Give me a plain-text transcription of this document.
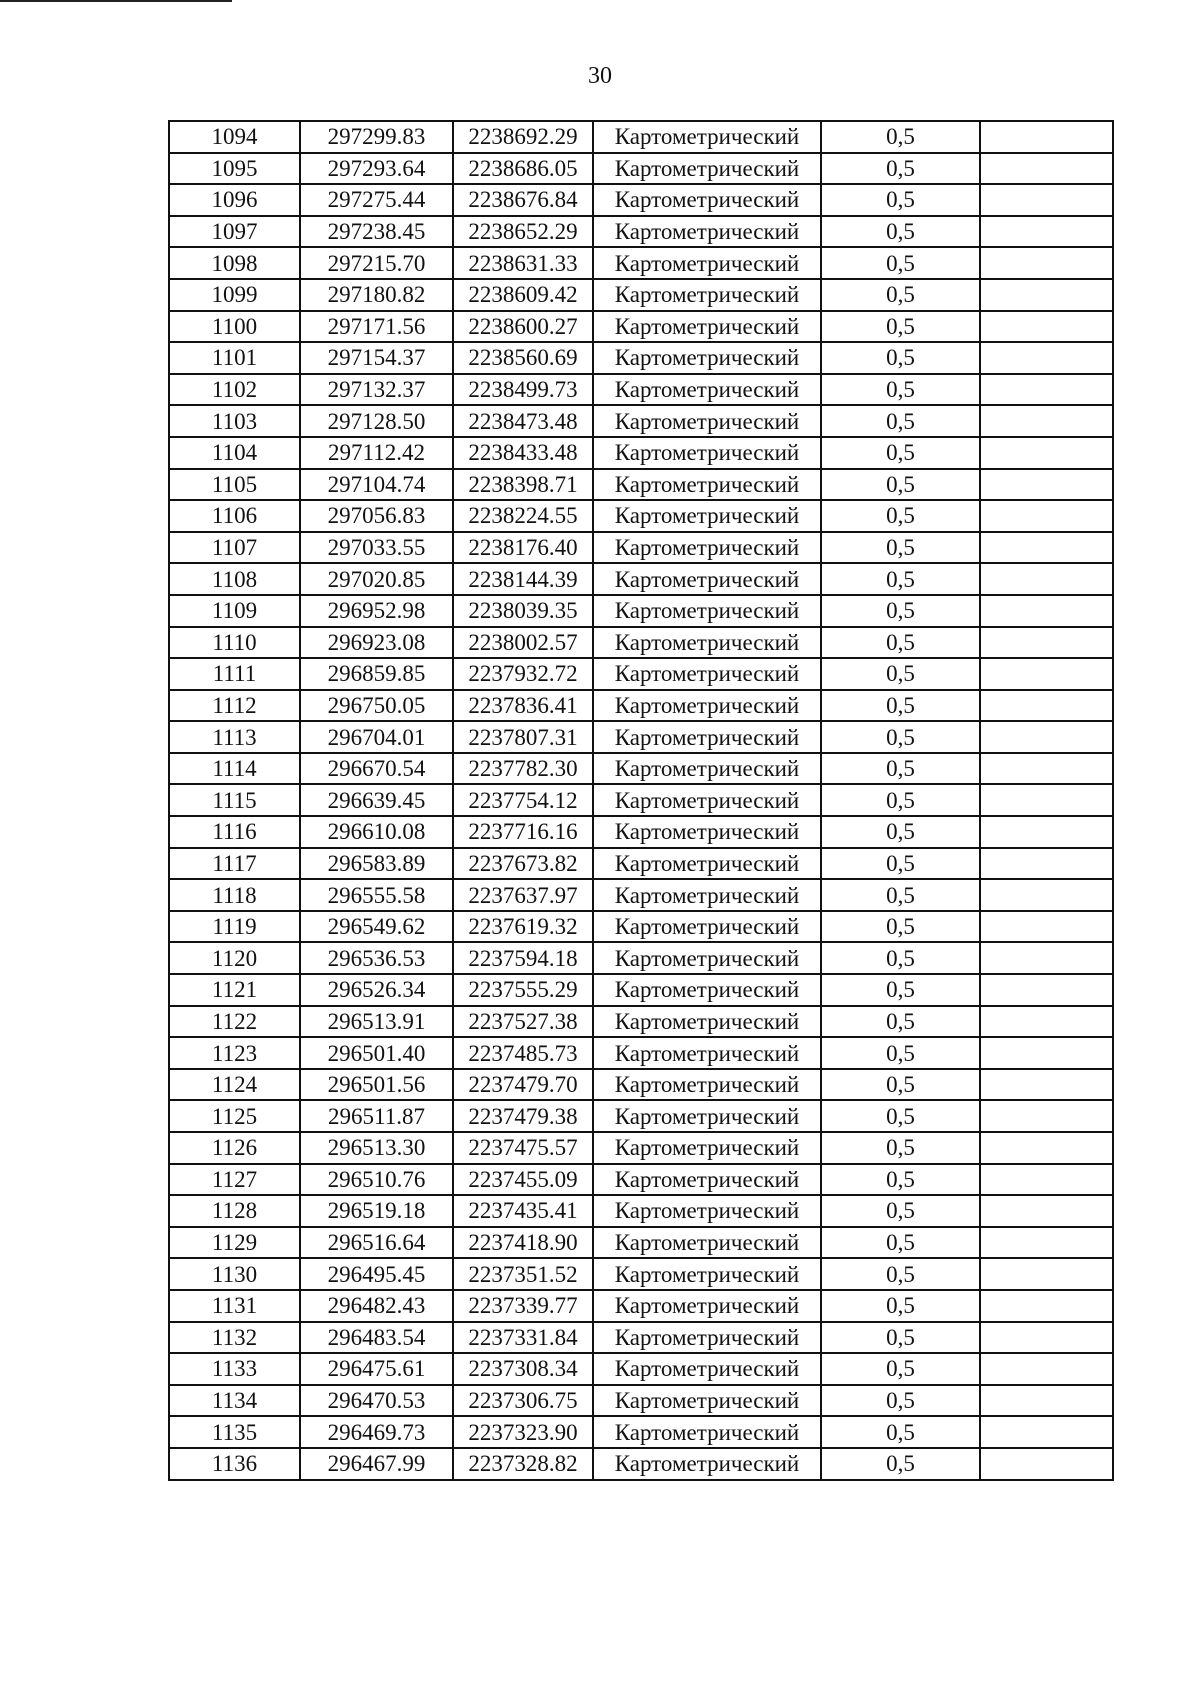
30
1094	297299.83	2238692.29	Картометрический	0,5	
1095	297293.64	2238686.05	Картометрический	0,5	
1096	297275.44	2238676.84	Картометрический	0,5	
1097	297238.45	2238652.29	Картометрический	0,5	
1098	297215.70	2238631.33	Картометрический	0,5	
1099	297180.82	2238609.42	Картометрический	0,5	
1100	297171.56	2238600.27	Картометрический	0,5	
1101	297154.37	2238560.69	Картометрический	0,5	
1102	297132.37	2238499.73	Картометрический	0,5	
1103	297128.50	2238473.48	Картометрический	0,5	
1104	297112.42	2238433.48	Картометрический	0,5	
1105	297104.74	2238398.71	Картометрический	0,5	
1106	297056.83	2238224.55	Картометрический	0,5	
1107	297033.55	2238176.40	Картометрический	0,5	
1108	297020.85	2238144.39	Картометрический	0,5	
1109	296952.98	2238039.35	Картометрический	0,5	
1110	296923.08	2238002.57	Картометрический	0,5	
1111	296859.85	2237932.72	Картометрический	0,5	
1112	296750.05	2237836.41	Картометрический	0,5	
1113	296704.01	2237807.31	Картометрический	0,5	
1114	296670.54	2237782.30	Картометрический	0,5	
1115	296639.45	2237754.12	Картометрический	0,5	
1116	296610.08	2237716.16	Картометрический	0,5	
1117	296583.89	2237673.82	Картометрический	0,5	
1118	296555.58	2237637.97	Картометрический	0,5	
1119	296549.62	2237619.32	Картометрический	0,5	
1120	296536.53	2237594.18	Картометрический	0,5	
1121	296526.34	2237555.29	Картометрический	0,5	
1122	296513.91	2237527.38	Картометрический	0,5	
1123	296501.40	2237485.73	Картометрический	0,5	
1124	296501.56	2237479.70	Картометрический	0,5	
1125	296511.87	2237479.38	Картометрический	0,5	
1126	296513.30	2237475.57	Картометрический	0,5	
1127	296510.76	2237455.09	Картометрический	0,5	
1128	296519.18	2237435.41	Картометрический	0,5	
1129	296516.64	2237418.90	Картометрический	0,5	
1130	296495.45	2237351.52	Картометрический	0,5	
1131	296482.43	2237339.77	Картометрический	0,5	
1132	296483.54	2237331.84	Картометрический	0,5	
1133	296475.61	2237308.34	Картометрический	0,5	
1134	296470.53	2237306.75	Картометрический	0,5	
1135	296469.73	2237323.90	Картометрический	0,5	
1136	296467.99	2237328.82	Картометрический	0,5	
